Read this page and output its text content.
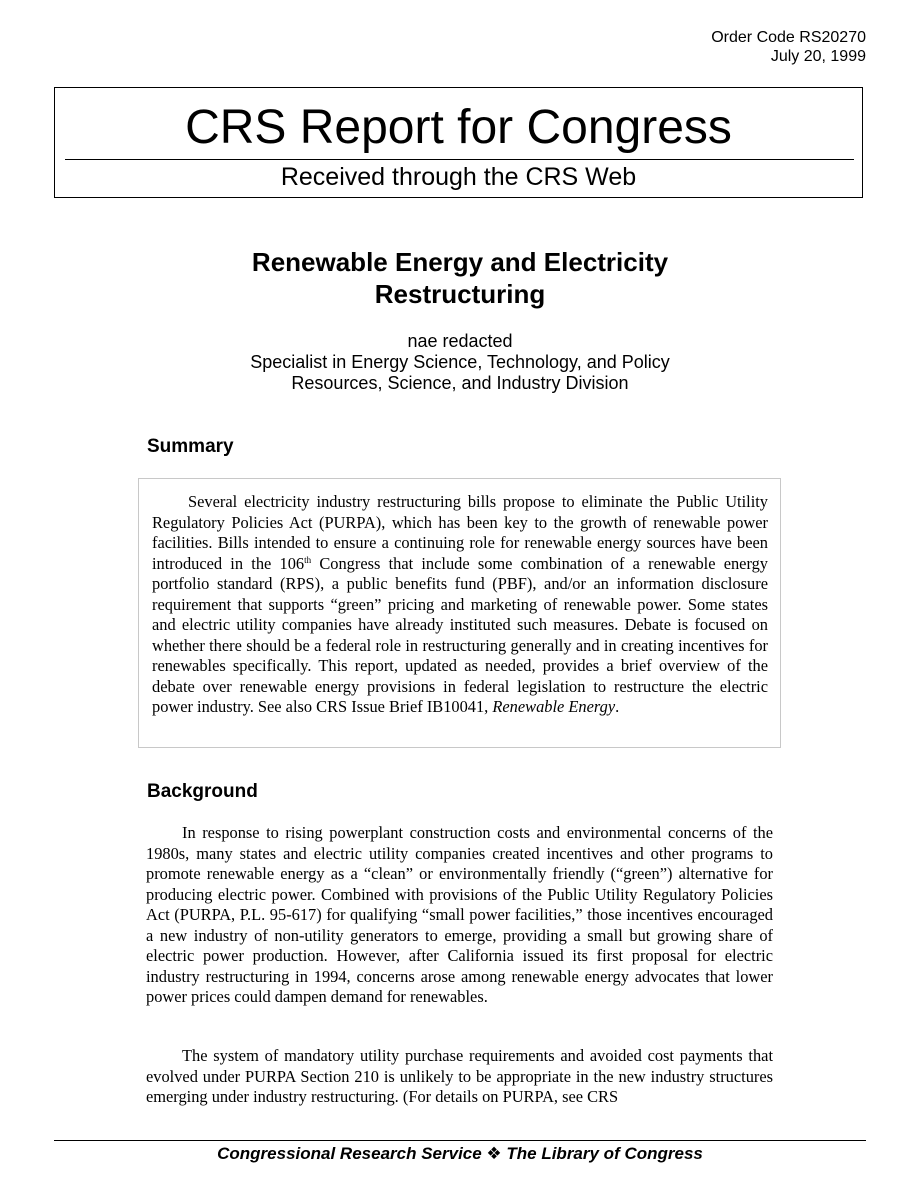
Order Code RS20270
July 20, 1999
CRS Report for Congress
Received through the CRS Web
Renewable Energy and Electricity
Restructuring
nae redacted
Specialist in Energy Science, Technology, and Policy
Resources, Science, and Industry Division
Summary

Several electricity industry restructuring bills propose to eliminate the Public Utility Regulatory Policies Act (PURPA), which has been key to the growth of renewable power facilities. Bills intended to ensure a continuing role for renewable energy sources have been introduced in the 106th Congress that include some combination of a renewable energy portfolio standard (RPS), a public benefits fund (PBF), and/or an information disclosure requirement that supports “green” pricing and marketing of renewable power. Some states and electric utility companies have already instituted such measures. Debate is focused on whether there should be a federal role in restructuring generally and in creating incentives for renewables specifically. This report, updated as needed, provides a brief overview of the debate over renewable energy provisions in federal legislation to restructure the electric power industry. See also CRS Issue Brief IB10041, Renewable Energy.

Background

In response to rising powerplant construction costs and environmental concerns of the 1980s, many states and electric utility companies created incentives and other programs to promote renewable energy as a “clean” or environmentally friendly (“green”) alternative for producing electric power. Combined with provisions of the Public Utility Regulatory Policies Act (PURPA, P.L. 95-617) for qualifying “small power facilities,” those incentives encouraged a new industry of non-utility generators to emerge, providing a small but growing share of electric power production. However, after California issued its first proposal for electric industry restructuring in 1994, concerns arose among renewable energy advocates that lower power prices could dampen demand for renewables.

The system of mandatory utility purchase requirements and avoided cost payments that evolved under PURPA Section 210 is unlikely to be appropriate in the new industry structures emerging under industry restructuring. (For details on PURPA, see CRS

Congressional Research Service ❖ The Library of Congress
